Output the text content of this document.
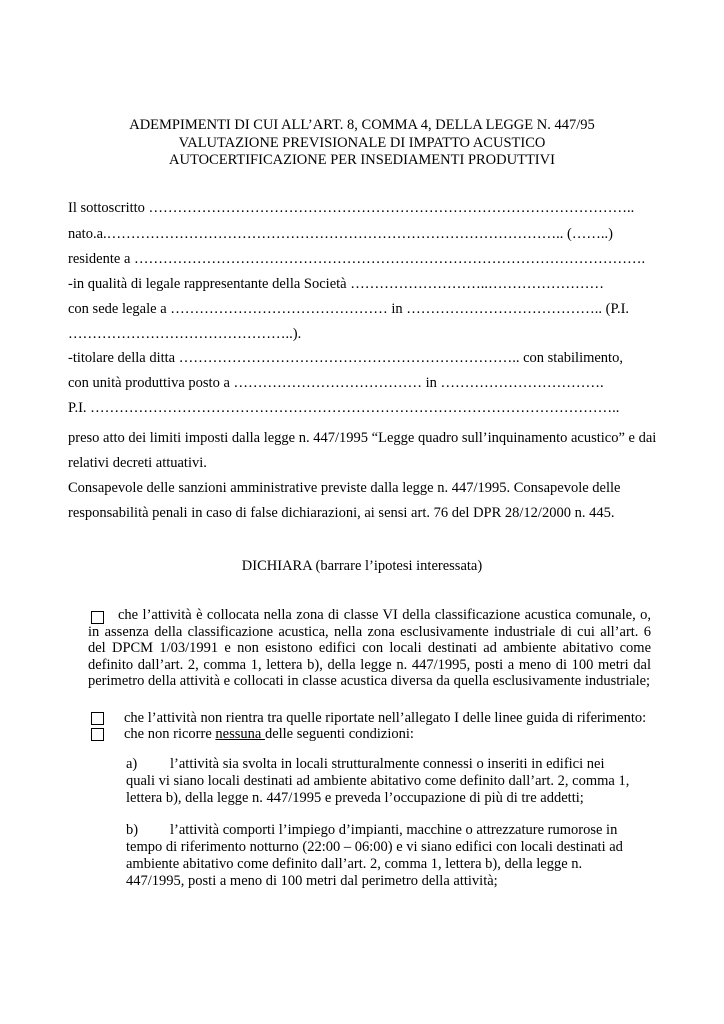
ADEMPIMENTI DI CUI ALL’ART. 8, COMMA 4, DELLA LEGGE N. 447/95
VALUTAZIONE PREVISIONALE DI IMPATTO ACUSTICO
AUTOCERTIFICAZIONE PER INSEDIAMENTI PRODUTTIVI
Il sottoscritto ………………………………………………………………………………………..
nato.a.………………………………………………………………………………….. (……..)
residente a …………………………………………………………………………………………….
-in qualità di legale rappresentante della Società ………………………..……………………
con sede legale a ……………………………………… in ………………………………….. (P.I.
………………………………………..).
-titolare della ditta …………………………………………………………….. con stabilimento,
con unità produttiva posto a ………………………………… in …………………………….
P.I. ………………………………………………………………………………………………..
preso atto dei limiti imposti dalla legge n. 447/1995 “Legge quadro sull’inquinamento acustico” e dai relativi decreti attuativi.
Consapevole delle sanzioni amministrative previste dalla legge n. 447/1995. Consapevole delle responsabilità penali in caso di false dichiarazioni, ai sensi art. 76 del DPR 28/12/2000 n. 445.
DICHIARA (barrare l’ipotesi interessata)
che l’attività è collocata nella zona di classe VI della classificazione acustica comunale, o, in assenza della classificazione acustica, nella zona esclusivamente industriale di cui all’art. 6 del DPCM 1/03/1991 e non esistono edifici con locali destinati ad ambiente abitativo come definito dall’art. 2, comma 1, lettera b), della legge n. 447/1995, posti a meno di 100 metri dal perimetro della attività e collocati in classe acustica diversa da quella esclusivamente industriale;
che l’attività non rientra tra quelle riportate nell’allegato I delle linee guida di riferimento:
che non ricorre nessuna delle seguenti condizioni:
a) l’attività sia svolta in locali strutturalmente connessi o inseriti in edifici nei quali vi siano locali destinati ad ambiente abitativo come definito dall’art. 2, comma 1, lettera b), della legge n. 447/1995 e preveda l’occupazione di più di tre addetti;
b) l’attività comporti l’impiego d’impianti, macchine o attrezzature rumorose in tempo di riferimento notturno (22:00 – 06:00) e vi siano edifici con locali destinati ad ambiente abitativo come definito dall’art. 2, comma 1, lettera b), della legge n. 447/1995, posti a meno di 100 metri dal perimetro della attività;
